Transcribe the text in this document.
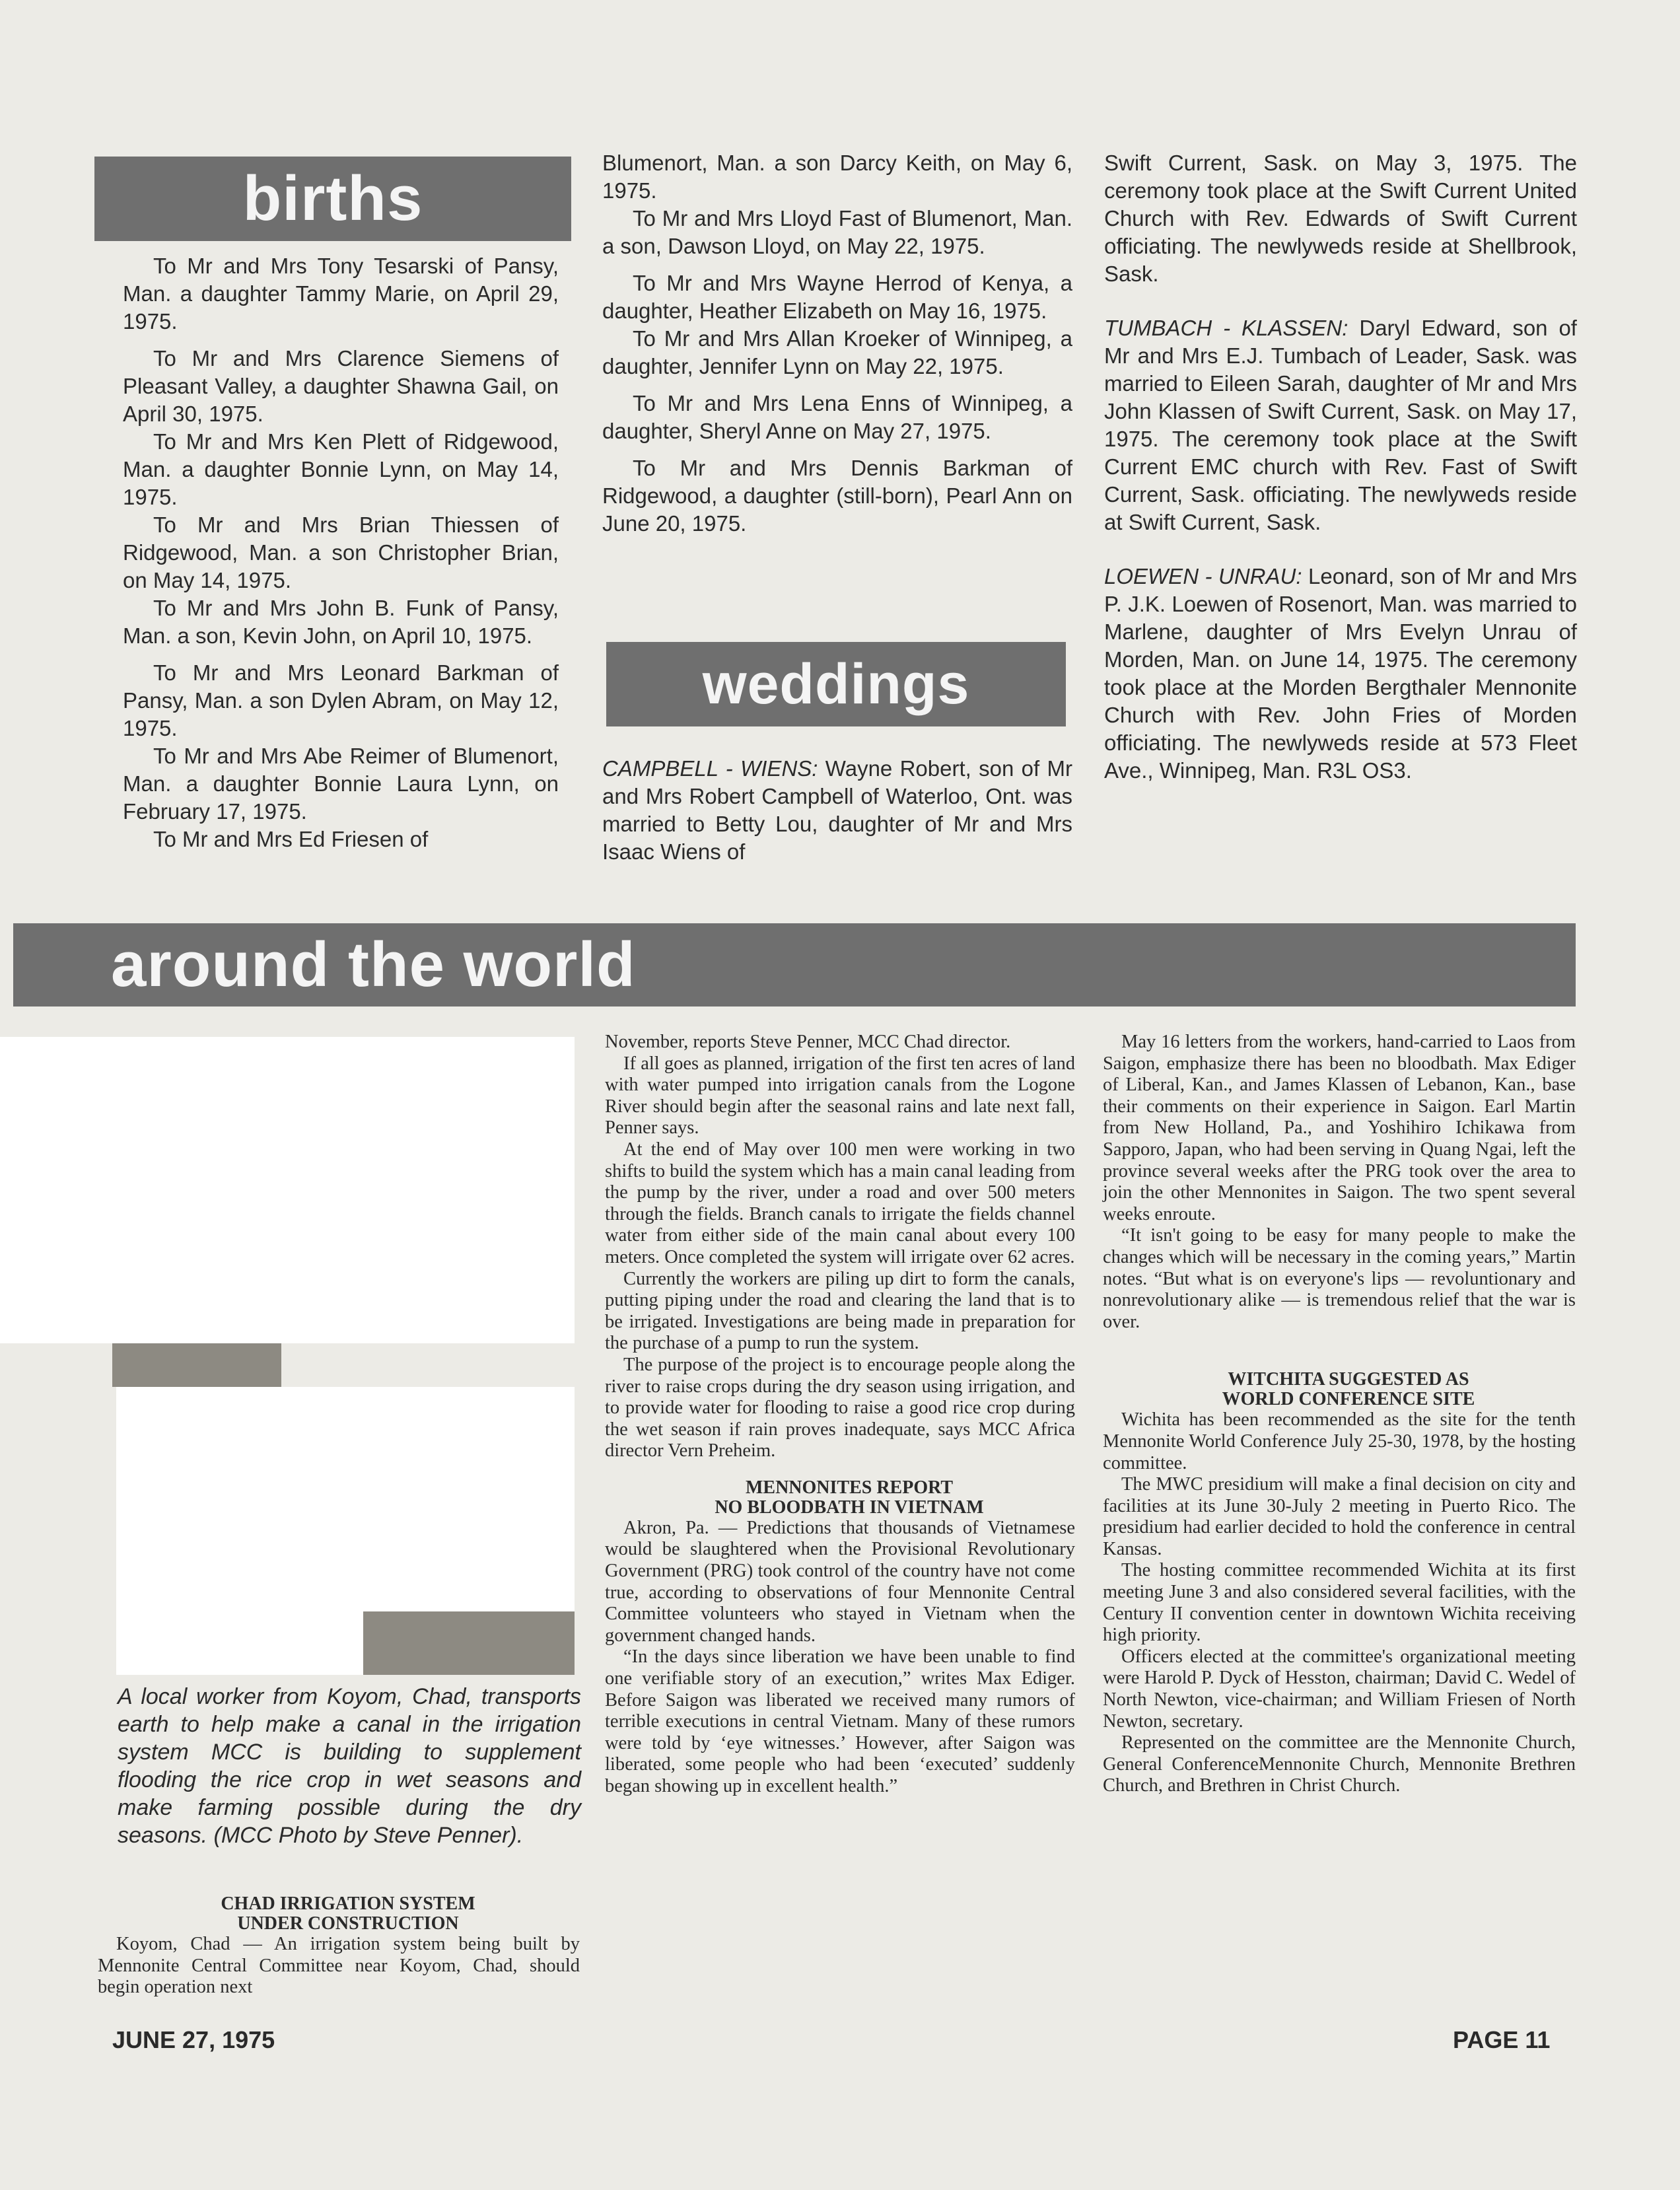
births

To Mr and Mrs Tony Tesarski of Pansy, Man. a daughter Tammy Marie, on April 29, 1975.

To Mr and Mrs Clarence Siemens of Pleasant Valley, a daughter Shawna Gail, on April 30, 1975.

To Mr and Mrs Ken Plett of Ridgewood, Man. a daughter Bonnie Lynn, on May 14, 1975.

To Mr and Mrs Brian Thiessen of Ridgewood, Man. a son Christopher Brian, on May 14, 1975.

To Mr and Mrs John B. Funk of Pansy, Man. a son, Kevin John, on April 10, 1975.

To Mr and Mrs Leonard Barkman of Pansy, Man. a son Dylen Abram, on May 12, 1975.

To Mr and Mrs Abe Reimer of Blumenort, Man. a daughter Bonnie Laura Lynn, on February 17, 1975.

To Mr and Mrs Ed Friesen of

Blumenort, Man. a son Darcy Keith, on May 6, 1975.

To Mr and Mrs Lloyd Fast of Blumenort, Man. a son, Dawson Lloyd, on May 22, 1975.

To Mr and Mrs Wayne Herrod of Kenya, a daughter, Heather Elizabeth on May 16, 1975.

To Mr and Mrs Allan Kroeker of Winnipeg, a daughter, Jennifer Lynn on May 22, 1975.

To Mr and Mrs Lena Enns of Winnipeg, a daughter, Sheryl Anne on May 27, 1975.

To Mr and Mrs Dennis Barkman of Ridgewood, a daughter (still-born), Pearl Ann on June 20, 1975.

weddings

CAMPBELL - WIENS: Wayne Robert, son of Mr and Mrs Robert Campbell of Waterloo, Ont. was married to Betty Lou, daughter of Mr and Mrs Isaac Wiens of

Swift Current, Sask. on May 3, 1975. The ceremony took place at the Swift Current United Church with Rev. Edwards of Swift Current officiating. The newlyweds reside at Shellbrook, Sask.

TUMBACH - KLASSEN: Daryl Edward, son of Mr and Mrs E.J. Tumbach of Leader, Sask. was married to Eileen Sarah, daughter of Mr and Mrs John Klassen of Swift Current, Sask. on May 17, 1975. The ceremony took place at the Swift Current EMC church with Rev. Fast of Swift Current, Sask. officiating. The newlyweds reside at Swift Current, Sask.

LOEWEN - UNRAU: Leonard, son of Mr and Mrs P. J.K. Loewen of Rosenort, Man. was married to Marlene, daughter of Mrs Evelyn Unrau of Morden, Man. on June 14, 1975. The ceremony took place at the Morden Bergthaler Mennonite Church with Rev. John Fries of Morden officiating. The newlyweds reside at 573 Fleet Ave., Winnipeg, Man. R3L OS3.

around the world
A local worker from Koyom, Chad, transports earth to help make a canal in the irrigation system MCC is building to supplement flooding the rice crop in wet seasons and make farming possible during the dry seasons. (MCC Photo by Steve Penner).

CHAD IRRIGATION SYSTEM

UNDER CONSTRUCTION

Koyom, Chad — An irrigation system being built by Mennonite Central Committee near Koyom, Chad, should begin operation next

November, reports Steve Penner, MCC Chad director.

If all goes as planned, irrigation of the first ten acres of land with water pumped into irrigation canals from the Logone River should begin after the seasonal rains and late next fall, Penner says.

At the end of May over 100 men were working in two shifts to build the system which has a main canal leading from the pump by the river, under a road and over 500 meters through the fields. Branch canals to irrigate the fields channel water from either side of the main canal about every 100 meters. Once completed the system will irrigate over 62 acres.

Currently the workers are piling up dirt to form the canals, putting piping under the road and clearing the land that is to be irrigated. Investigations are being made in preparation for the purchase of a pump to run the system.

The purpose of the project is to encourage people along the river to raise crops during the dry season using irrigation, and to provide water for flooding to raise a good rice crop during the wet season if rain proves inadequate, says MCC Africa director Vern Preheim.

MENNONITES REPORT

NO BLOODBATH IN VIETNAM

Akron, Pa. — Predictions that thousands of Vietnamese would be slaughtered when the Provisional Revolutionary Government (PRG) took control of the country have not come true, according to observations of four Mennonite Central Committee volunteers who stayed in Vietnam when the government changed hands.

“In the days since liberation we have been unable to find one verifiable story of an execution,” writes Max Ediger. Before Saigon was liberated we received many rumors of terrible executions in central Vietnam. Many of these rumors were told by ‘eye witnesses.’ However, after Saigon was liberated, some people who had been ‘executed’ suddenly began showing up in excellent health.”

May 16 letters from the workers, hand-carried to Laos from Saigon, emphasize there has been no bloodbath. Max Ediger of Liberal, Kan., and James Klassen of Lebanon, Kan., base their comments on their experience in Saigon. Earl Martin from New Holland, Pa., and Yoshihiro Ichikawa from Sapporo, Japan, who had been serving in Quang Ngai, left the province several weeks after the PRG took over the area to join the other Mennonites in Saigon. The two spent several weeks enroute.

“It isn't going to be easy for many people to make the changes which will be necessary in the coming years,” Martin notes. “But what is on everyone's lips — revoluntionary and nonrevolutionary alike — is tremendous relief that the war is over.

WITCHITA SUGGESTED AS

WORLD CONFERENCE SITE

Wichita has been recommended as the site for the tenth Mennonite World Conference July 25-30, 1978, by the hosting committee.

The MWC presidium will make a final decision on city and facilities at its June 30-July 2 meeting in Puerto Rico. The presidium had earlier decided to hold the conference in central Kansas.

The hosting committee recommended Wichita at its first meeting June 3 and also considered several facilities, with the Century II convention center in downtown Wichita receiving high priority.

Officers elected at the committee's organizational meeting were Harold P. Dyck of Hesston, chairman; David C. Wedel of North Newton, vice-chairman; and William Friesen of North Newton, secretary.

Represented on the committee are the Mennonite Church, General ConferenceMennonite Church, Mennonite Brethren Church, and Brethren in Christ Church.

JUNE 27, 1975	PAGE 11
